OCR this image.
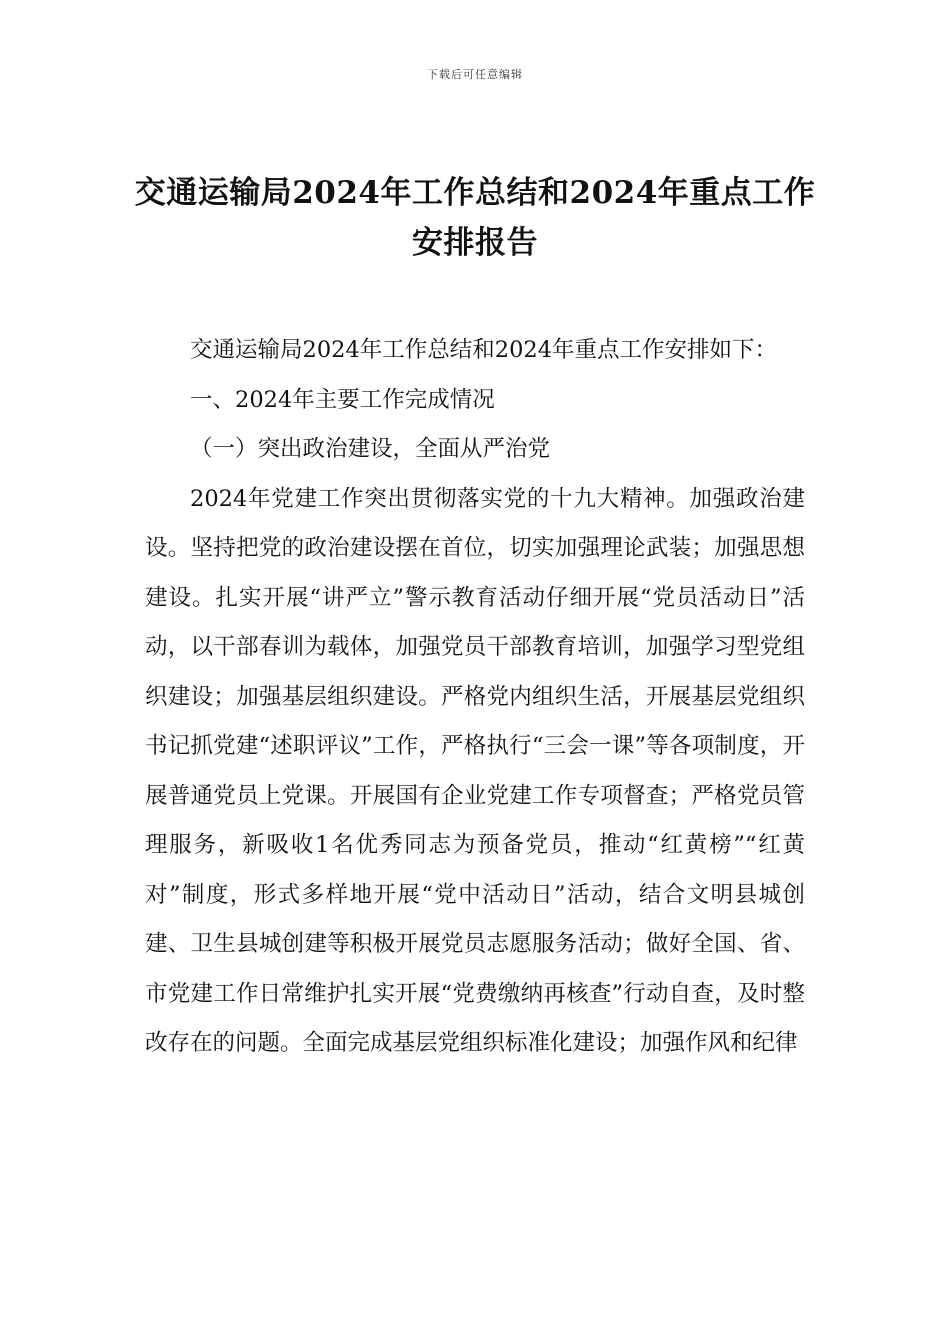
下载后可任意编辑
交通运输局2024年工作总结和2024年重点工作安排报告

交通运输局2024年工作总结和2024年重点工作安排如下：

一、2024年主要工作完成情况

（一）突出政治建设，全面从严治党

2024年党建工作突出贯彻落实党的十九大精神。加强政治建设。坚持把党的政治建设摆在首位，切实加强理论武装；加强思想建设。扎实开展“讲严立”警示教育活动仔细开展“党员活动日”活动，以干部春训为载体，加强党员干部教育培训，加强学习型党组织建设；加强基层组织建设。严格党内组织生活，开展基层党组织书记抓党建“述职评议”工作，严格执行“三会一课”等各项制度，开展普通党员上党课。开展国有企业党建工作专项督查；严格党员管理服务，新吸收1名优秀同志为预备党员，推动“红黄榜”“红黄对”制度，形式多样地开展“党中活动日”活动，结合文明县城创建、卫生县城创建等积极开展党员志愿服务活动；做好全国、省、市党建工作日常维护扎实开展“党费缴纳再核查”行动自查，及时整改存在的问题。全面完成基层党组织标准化建设；加强作风和纪律
